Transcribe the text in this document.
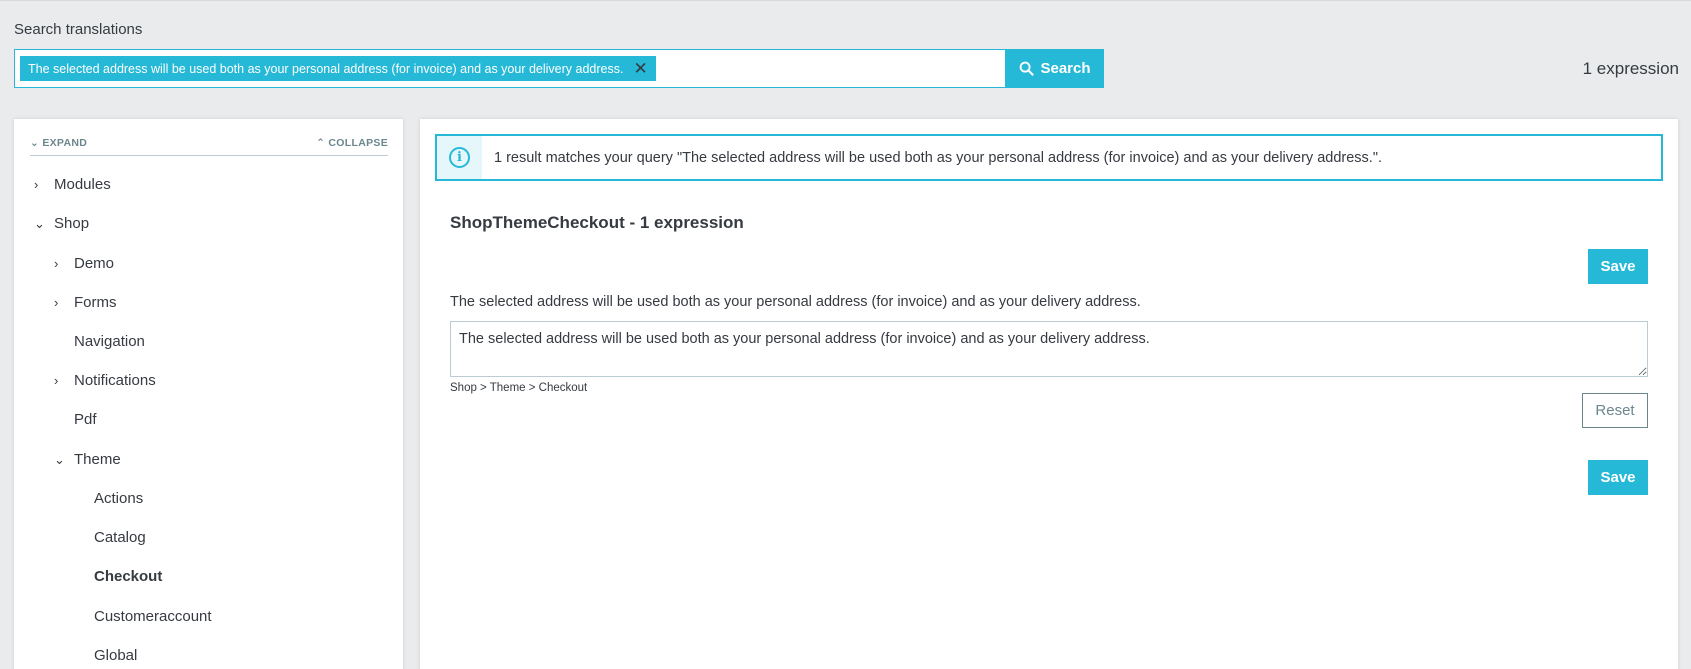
Search translations
The selected address will be used both as your personal address (for invoice) and as your delivery address. ✕	Search	1 expression
⌄ EXPAND	⌃ COLLAPSE
›	Modules
⌄ Shop
›	Demo
›	Forms
Navigation
›	Notifications
Pdf
⌄ Theme
Actions
Catalog
Checkout
Customeraccount
Global
i	1 result matches your query "The selected address will be used both as your personal address (for invoice) and as your delivery address.".
ShopThemeCheckout - 1 expression
Save
The selected address will be used both as your personal address (for invoice) and as your delivery address.
The selected address will be used both as your personal address (for invoice) and as your delivery address.
Shop > Theme > Checkout
Reset
Save
